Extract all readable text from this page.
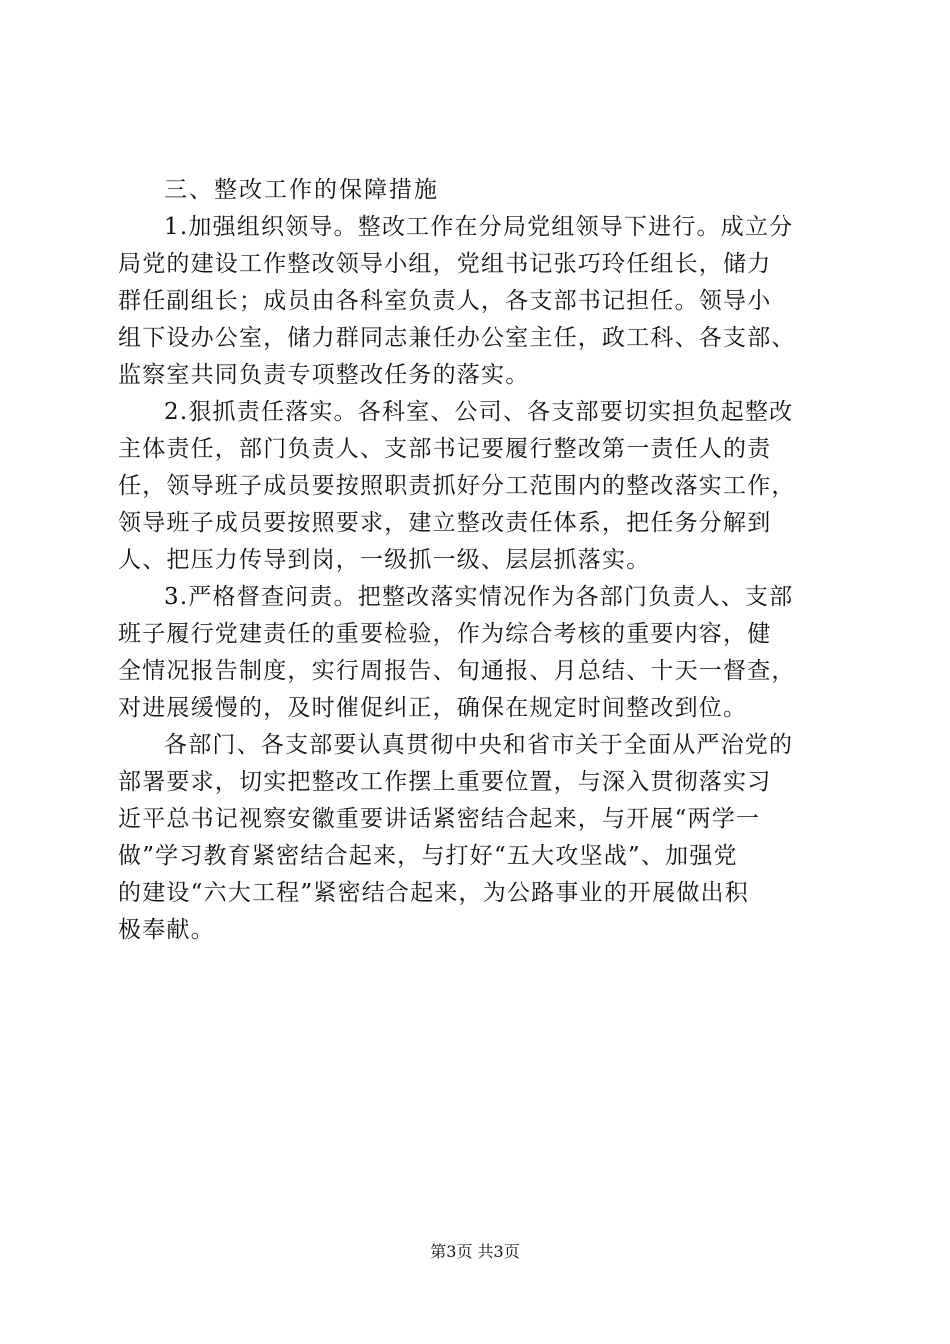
三、整改工作的保障措施
1.加强组织领导。整改工作在分局党组领导下进行。成立分
局党的建设工作整改领导小组，党组书记张巧玲任组长，储力
群任副组长；成员由各科室负责人，各支部书记担任。领导小
组下设办公室，储力群同志兼任办公室主任，政工科、各支部、
监察室共同负责专项整改任务的落实。
2.狠抓责任落实。各科室、公司、各支部要切实担负起整改
主体责任，部门负责人、支部书记要履行整改第一责任人的责
任，领导班子成员要按照职责抓好分工范围内的整改落实工作，
领导班子成员要按照要求，建立整改责任体系，把任务分解到
人、把压力传导到岗，一级抓一级、层层抓落实。
3.严格督查问责。把整改落实情况作为各部门负责人、支部
班子履行党建责任的重要检验，作为综合考核的重要内容，健
全情况报告制度，实行周报告、旬通报、月总结、十天一督查，
对进展缓慢的，及时催促纠正，确保在规定时间整改到位。
各部门、各支部要认真贯彻中央和省市关于全面从严治党的
部署要求，切实把整改工作摆上重要位置，与深入贯彻落实习
近平总书记视察安徽重要讲话紧密结合起来，与开展“两学一
做”学习教育紧密结合起来，与打好“五大攻坚战”、加强党
的建设“六大工程”紧密结合起来，为公路事业的开展做出积
极奉献。
第3页 共3页
